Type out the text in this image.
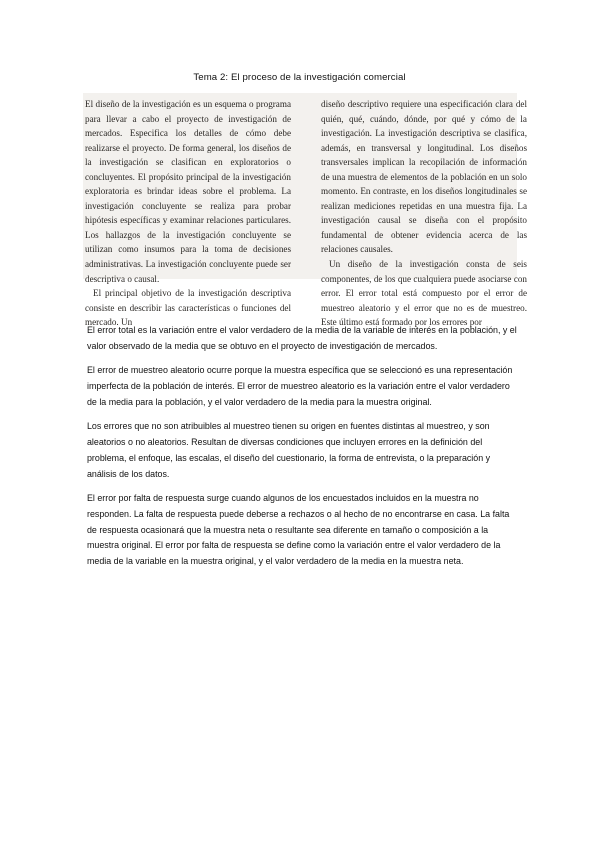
Tema 2: El proceso de la investigación comercial

El diseño de la investigación es un esquema o programa para llevar a cabo el proyecto de investigación de mercados. Especifica los detalles de cómo debe realizarse el proyecto. De forma general, los diseños de la investigación se clasifican en exploratorios o concluyentes. El propósito principal de la investigación exploratoria es brindar ideas sobre el problema. La investigación concluyente se realiza para probar hipótesis específicas y examinar relaciones particulares. Los hallazgos de la investigación concluyente se utilizan como insumos para la toma de decisiones administrativas. La investigación concluyente puede ser descriptiva o causal.

El principal objetivo de la investigación descriptiva consiste en describir las características o funciones del mercado. Un

diseño descriptivo requiere una especificación clara del quién, qué, cuándo, dónde, por qué y cómo de la investigación. La investigación descriptiva se clasifica, además, en transversal y longitudinal. Los diseños transversales implican la recopilación de información de una muestra de elementos de la población en un solo momento. En contraste, en los diseños longitudinales se realizan mediciones repetidas en una muestra fija. La investigación causal se diseña con el propósito fundamental de obtener evidencia acerca de las relaciones causales.

Un diseño de la investigación consta de seis componentes, de los que cualquiera puede asociarse con error. El error total está compuesto por el error de muestreo aleatorio y el error que no es de muestreo. Este último está formado por los errores por

El error total es la variación entre el valor verdadero de la media de la variable de interés en la población, y el valor observado de la media que se obtuvo en el proyecto de investigación de mercados.

El error de muestreo aleatorio ocurre porque la muestra específica que se seleccionó es una representación imperfecta de la población de interés. El error de muestreo aleatorio es la variación entre el valor verdadero de la media para la población, y el valor verdadero de la media para la muestra original.

Los errores que no son atribuibles al muestreo tienen su origen en fuentes distintas al muestreo, y son aleatorios o no aleatorios. Resultan de diversas condiciones que incluyen errores en la definición del problema, el enfoque, las escalas, el diseño del cuestionario, la forma de entrevista, o la preparación y análisis de los datos.

El error por falta de respuesta surge cuando algunos de los encuestados incluidos en la muestra no responden. La falta de respuesta puede deberse a rechazos o al hecho de no encontrarse en casa. La falta de respuesta ocasionará que la muestra neta o resultante sea diferente en tamaño o composición a la muestra original. El error por falta de respuesta se define como la variación entre el valor verdadero de la media de la variable en la muestra original, y el valor verdadero de la media en la muestra neta.
